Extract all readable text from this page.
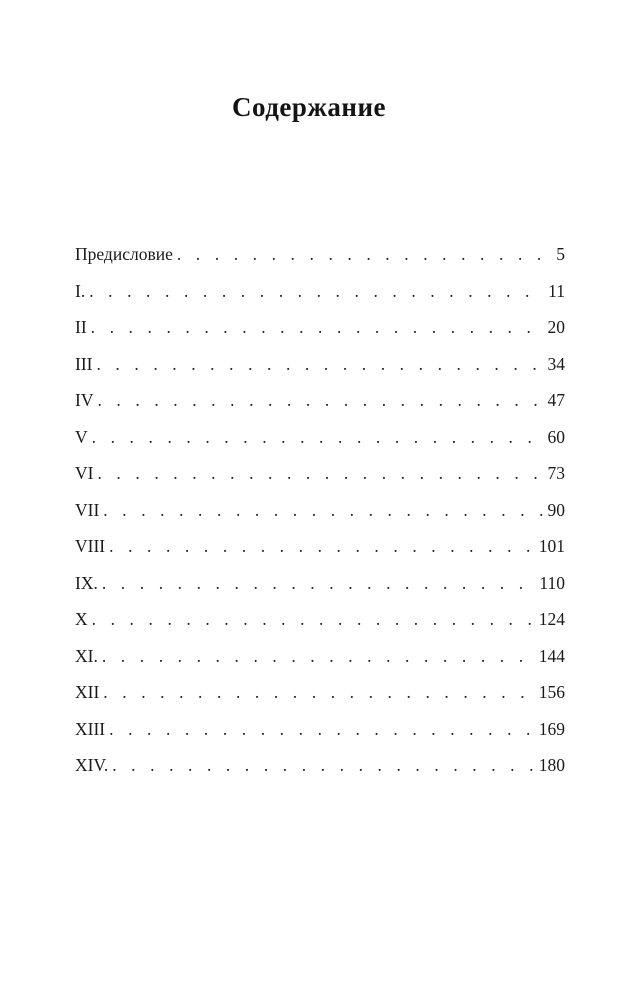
Содержание
Предисловие . . .	5
I. . . .	11
II . . .	20
III . . .	34
IV . . .	47
V . . .	60
VI . . .	73
VII . . .	90
VIII . . .	101
IX. . . .	110
X . . .	124
XI. . . .	144
XII . . .	156
XIII . . .	169
XIV. . . .	180
